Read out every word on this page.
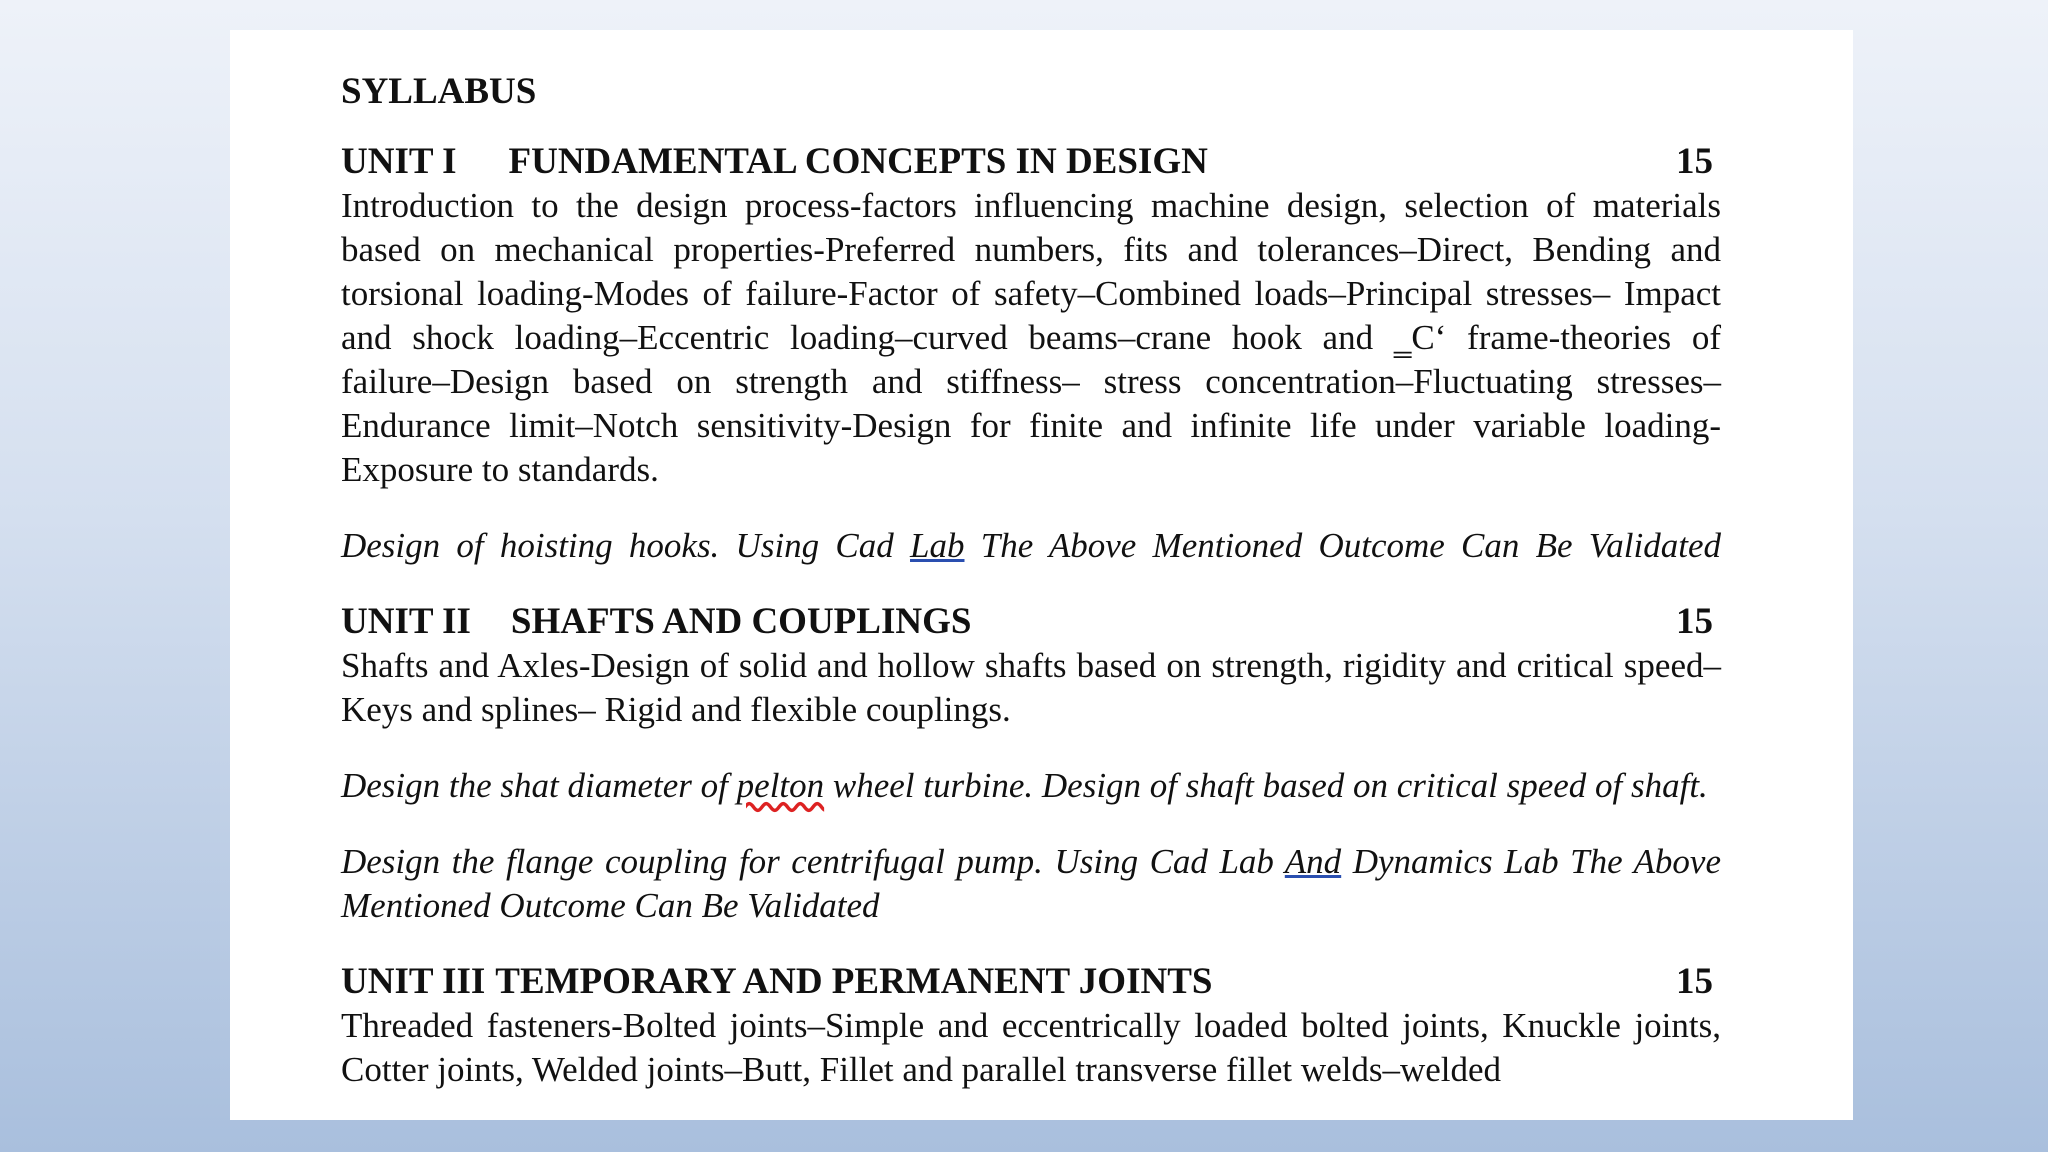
SYLLABUS
UNIT I FUNDAMENTAL CONCEPTS IN DESIGN	15

Introduction to the design process-factors influencing machine design, selection of materials based on mechanical properties-Preferred numbers, fits and tolerances–Direct, Bending and torsional loading-Modes of failure-Factor of safety–Combined loads–Principal stresses– Impact and shock loading–Eccentric loading–curved beams–crane hook and ‗C‘ frame-theories of failure–Design based on strength and stiffness– stress concentration–Fluctuating stresses–Endurance limit–Notch sensitivity-Design for finite and infinite life under variable loading- Exposure to standards.

Design of hoisting hooks. Using Cad Lab The Above Mentioned Outcome Can Be Validated

UNIT II SHAFTS AND COUPLINGS	15

Shafts and Axles-Design of solid and hollow shafts based on strength, rigidity and critical speed–Keys and splines– Rigid and flexible couplings.

Design the shat diameter of pelton wheel turbine. Design of shaft based on critical speed of shaft.

Design the flange coupling for centrifugal pump. Using Cad Lab And Dynamics Lab The Above Mentioned Outcome Can Be Validated

UNIT III TEMPORARY AND PERMANENT JOINTS	15

Threaded fasteners-Bolted joints–Simple and eccentrically loaded bolted joints, Knuckle joints, Cotter joints, Welded joints–Butt, Fillet and parallel transverse fillet welds–welded
